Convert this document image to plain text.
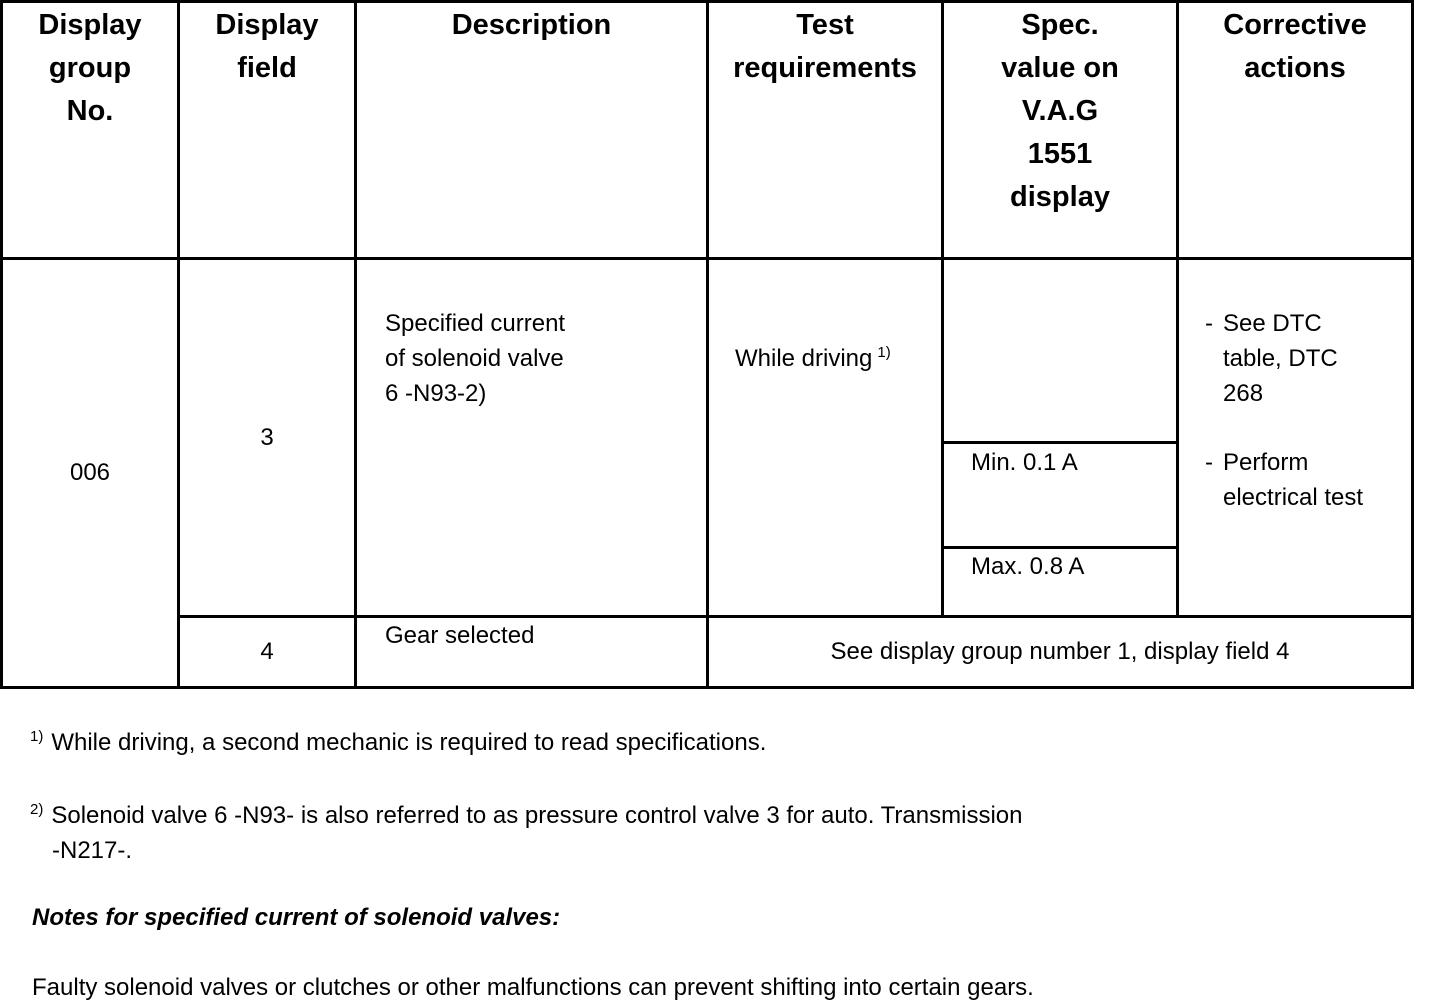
Display
group
No.
Display
field
Description	Test
requirements
Spec.
value on
V.A.G
1551
display
Corrective
actions
006
3
Specified current
of solenoid valve
6 -N93-2)

While driving $^{1)}$

Min. 0.1 A
Max. 0.8 A
- See DTC
table, DTC
268
- Perform
electrical test
4
Gear selected
See display group number 1, display field 4
$^{1)}$ While driving, a second mechanic is required to read specifications.
$^{2)}$ Solenoid valve 6 -N93- is also referred to as pressure control valve 3 for auto. Transmission
-N217-.
Notes for specified current of solenoid valves:
Faulty solenoid valves or clutches or other malfunctions can prevent shifting into certain gears.
